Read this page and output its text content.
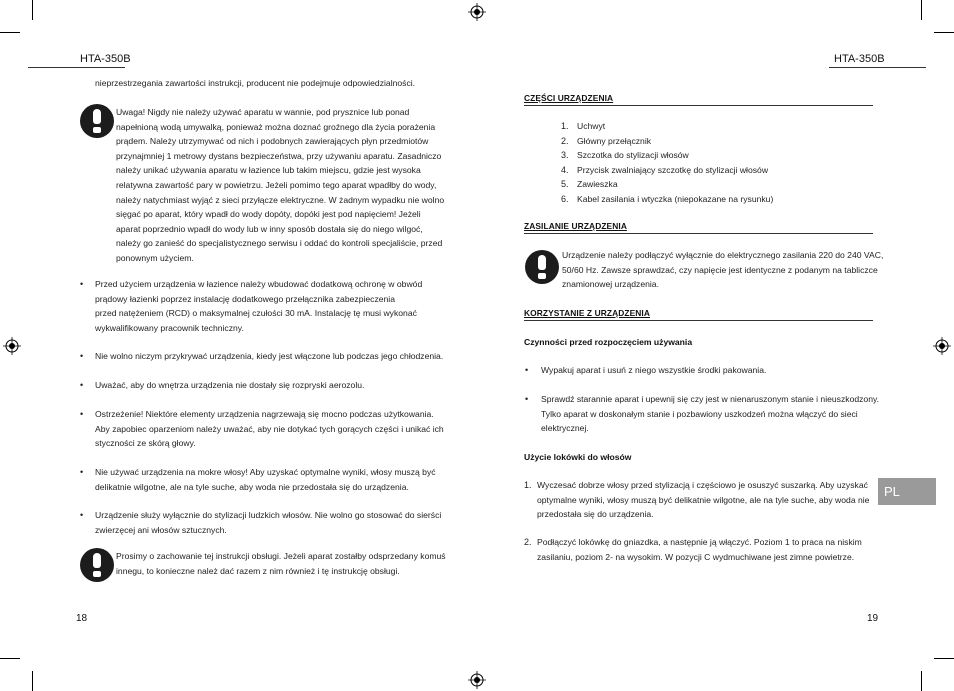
HTA-350B	HTA-350B
nieprzestrzegania zawartości instrukcji, producent nie podejmuje odpowiedzialności.
Uwaga! Nigdy nie należy używać aparatu w wannie, pod prysznice lub ponad
napełnioną wodą umywalką, ponieważ można doznać groźnego dla życia porażenia
prądem. Należy utrzymywać od nich i podobnych zawierających płyn przedmiotów
przynajmniej 1 metrowy dystans bezpieczeństwa, przy używaniu aparatu. Zasadniczo
należy unikać używania aparatu w łazience lub takim miejscu, gdzie jest wysoka
relatywna zawartość pary w powietrzu. Jeżeli pomimo tego aparat wpadłby do wody,
należy natychmiast wyjąć z sieci przyłącze elektryczne. W żadnym wypadku nie wolno
sięgać po aparat, który wpadł do wody dopóty, dopóki jest pod napięciem! Jeżeli
aparat poprzednio wpadł do wody lub w inny sposób dostała się do niego wilgoć,
należy go zanieść do specjalistycznego serwisu i oddać do kontroli specjaliście, przed
ponownym użyciem.
• Przed użyciem urządzenia w łazience należy wbudować dodatkową ochronę w obwód
prądowy łazienki poprzez instalację dodatkowego przełącznika zabezpieczenia
przed natężeniem (RCD) o maksymalnej czułości 30 mA. Instalację tę musi wykonać
wykwalifikowany pracownik techniczny.
• Nie wolno niczym przykrywać urządzenia, kiedy jest włączone lub podczas jego chłodzenia.
• Uważać, aby do wnętrza urządzenia nie dostały się rozpryski aerozolu.
• Ostrzeżenie! Niektóre elementy urządzenia nagrzewają się mocno podczas użytkowania.
Aby zapobiec oparzeniom należy uważać, aby nie dotykać tych gorących części i unikać ich
styczności ze skórą głowy.
• Nie używać urządzenia na mokre włosy! Aby uzyskać optymalne wyniki, włosy muszą być
delikatnie wilgotne, ale na tyle suche, aby woda nie przedostała się do urządzenia.
• Urządzenie służy wyłącznie do stylizacji ludzkich włosów. Nie wolno go stosować do sierści
zwierzęcej ani włosów sztucznych.
Prosimy o zachowanie tej instrukcji obsługi. Jeżeli aparat zostałby odsprzedany komuś
innegu, to konieczne należ dać razem z nim również i tę instrukcję obsługi.
18
CZĘŚCI URZĄDZENIA
1. Uchwyt
2. Główny przełącznik
3. Szczotka do stylizacji włosów
4. Przycisk zwalniający szczotkę do stylizacji włosów
5. Zawieszka
6. Kabel zasilania i wtyczka (niepokazane na rysunku)
ZASILANIE URZĄDZENIA
Urządzenie należy podłączyć wyłącznie do elektrycznego zasilania 220 do 240 VAC,
50/60 Hz. Zawsze sprawdzać, czy napięcie jest identyczne z podanym na tabliczce
znamionowej urządzenia.
KORZYSTANIE Z URZĄDZENIA
Czynności przed rozpoczęciem używania
• Wypakuj aparat i usuń z niego wszystkie środki pakowania.
• Sprawdź starannie aparat i upewnij się czy jest w nienaruszonym stanie i nieuszkodzony.
Tylko aparat w doskonałym stanie i pozbawiony uszkodzeń można włączyć do sieci
elektrycznej.
Użycie lokówki do włosów
1. Wyczesać dobrze włosy przed stylizacją i częściowo je osuszyć suszarką. Aby uzyskać
optymalne wyniki, włosy muszą być delikatnie wilgotne, ale na tyle suche, aby woda nie
przedostała się do urządzenia.
2. Podłączyć lokówkę do gniazdka, a następnie ją włączyć. Poziom 1 to praca na niskim
zasilaniu, poziom 2- na wysokim. W pozycji C wydmuchiwane jest zimne powietrze.
PL
19
